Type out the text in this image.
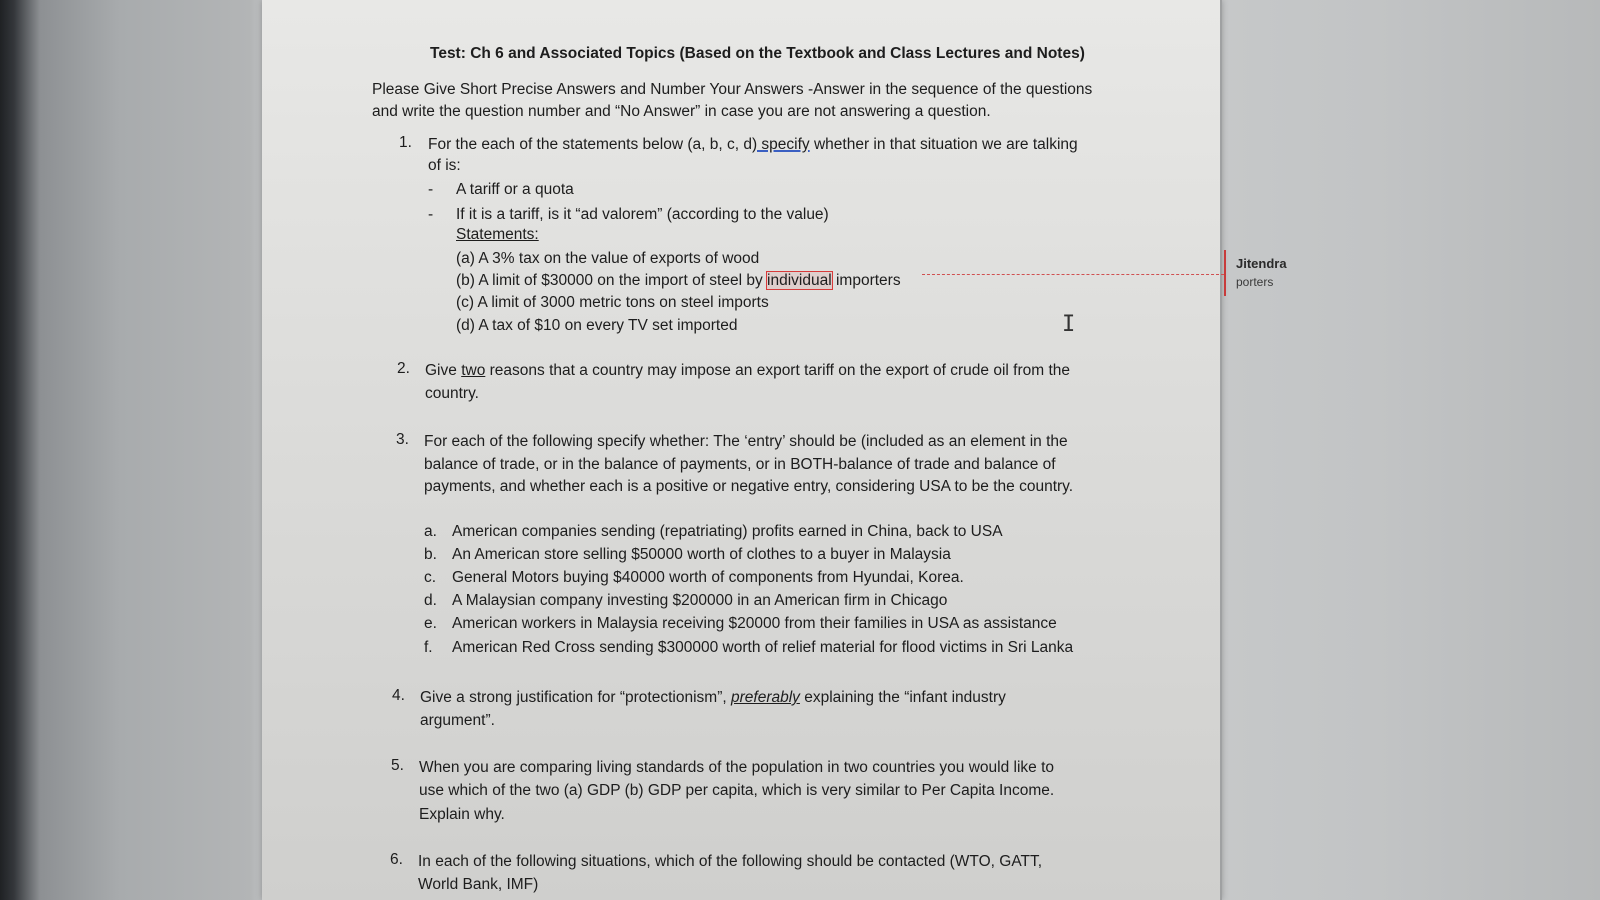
Test: Ch 6 and Associated Topics (Based on the Textbook and Class Lectures and Notes)
Please Give Short Precise Answers and Number Your Answers -Answer in the sequence of the questions
and write the question number and “No Answer” in case you are not answering a question.
1. For the each of the statements below (a, b, c, d) specify whether in that situation we are talking
of is:
- A tariff or a quota
- If it is a tariff, is it “ad valorem” (according to the value)
Statements:
(a) A 3% tax on the value of exports of wood
(b) A limit of $30000 on the import of steel by individual importers
(c) A limit of 3000 metric tons on steel imports
(d) A tax of $10 on every TV set imported
Jitendra
porters
I
2. Give two reasons that a country may impose an export tariff on the export of crude oil from the
country.
3. For each of the following specify whether: The ‘entry’ should be (included as an element in the
balance of trade, or in the balance of payments, or in BOTH-balance of trade and balance of
payments, and whether each is a positive or negative entry, considering USA to be the country.
a. American companies sending (repatriating) profits earned in China, back to USA
b. An American store selling $50000 worth of clothes to a buyer in Malaysia
c. General Motors buying $40000 worth of components from Hyundai, Korea.
d. A Malaysian company investing $200000 in an American firm in Chicago
e. American workers in Malaysia receiving $20000 from their families in USA as assistance
f. American Red Cross sending $300000 worth of relief material for flood victims in Sri Lanka
4. Give a strong justification for “protectionism”, preferably explaining the “infant industry
argument”.
5. When you are comparing living standards of the population in two countries you would like to
use which of the two (a) GDP (b) GDP per capita, which is very similar to Per Capita Income.
Explain why.
6. In each of the following situations, which of the following should be contacted (WTO, GATT,
World Bank, IMF)
